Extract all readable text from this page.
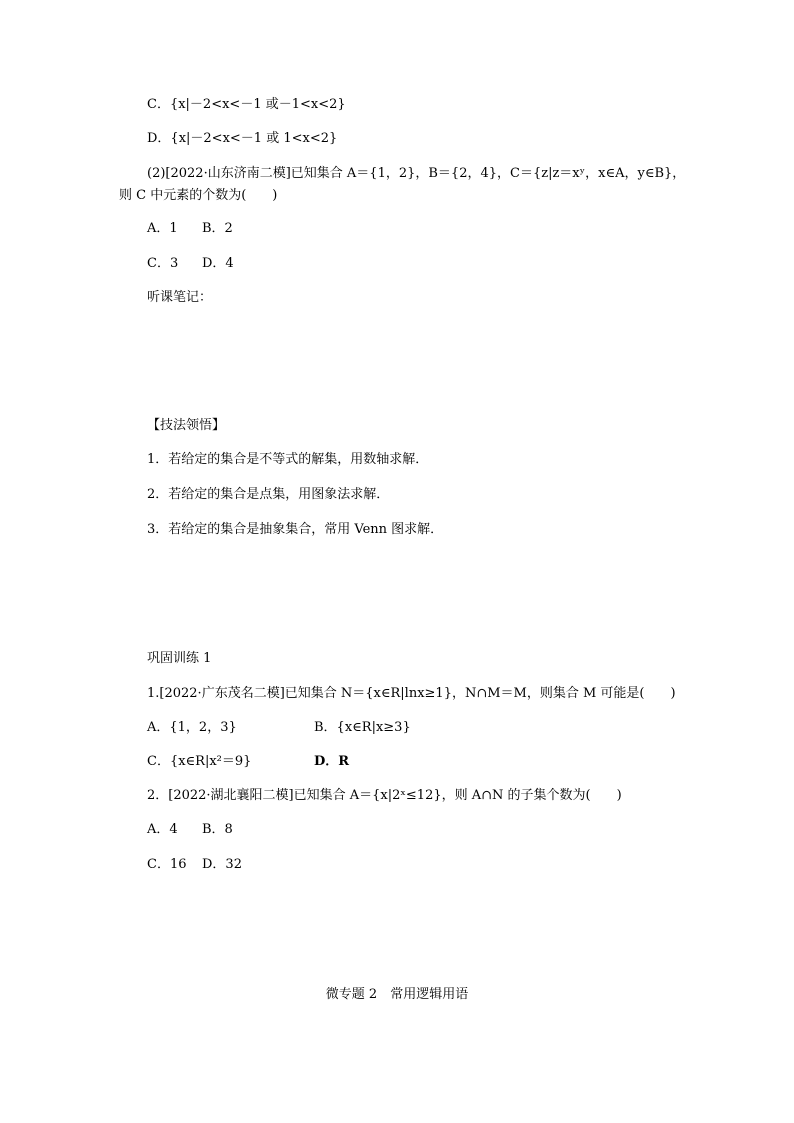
C．{x|－2<x<－1 或－1<x<2}
D．{x|－2<x<－1 或 1<x<2}
(2)[2022·山东济南二模]已知集合 A＝{1，2}，B＝{2，4}，C＝{z|z＝xʸ，x∈A，y∈B}，
则 C 中元素的个数为(　　)
A．1 B．2
C．3 D．4
听课笔记：
【技法领悟】
1．若给定的集合是不等式的解集，用数轴求解．
2．若给定的集合是点集，用图象法求解．
3．若给定的集合是抽象集合，常用 Venn 图求解．
巩固训练 1
1.[2022·广东茂名二模]已知集合 N＝{x∈R|lnx≥1}，N∩M＝M，则集合 M 可能是(　　)
A．{1，2，3}	B．{x∈R|x≥3}
C．{x∈R|x²＝9}	D．R
2．[2022·湖北襄阳二模]已知集合 A＝{x|2ˣ≤12}，则 A∩N 的子集个数为(　　)
A．4 B．8
C．16 D．32
微专题 2　常用逻辑用语
